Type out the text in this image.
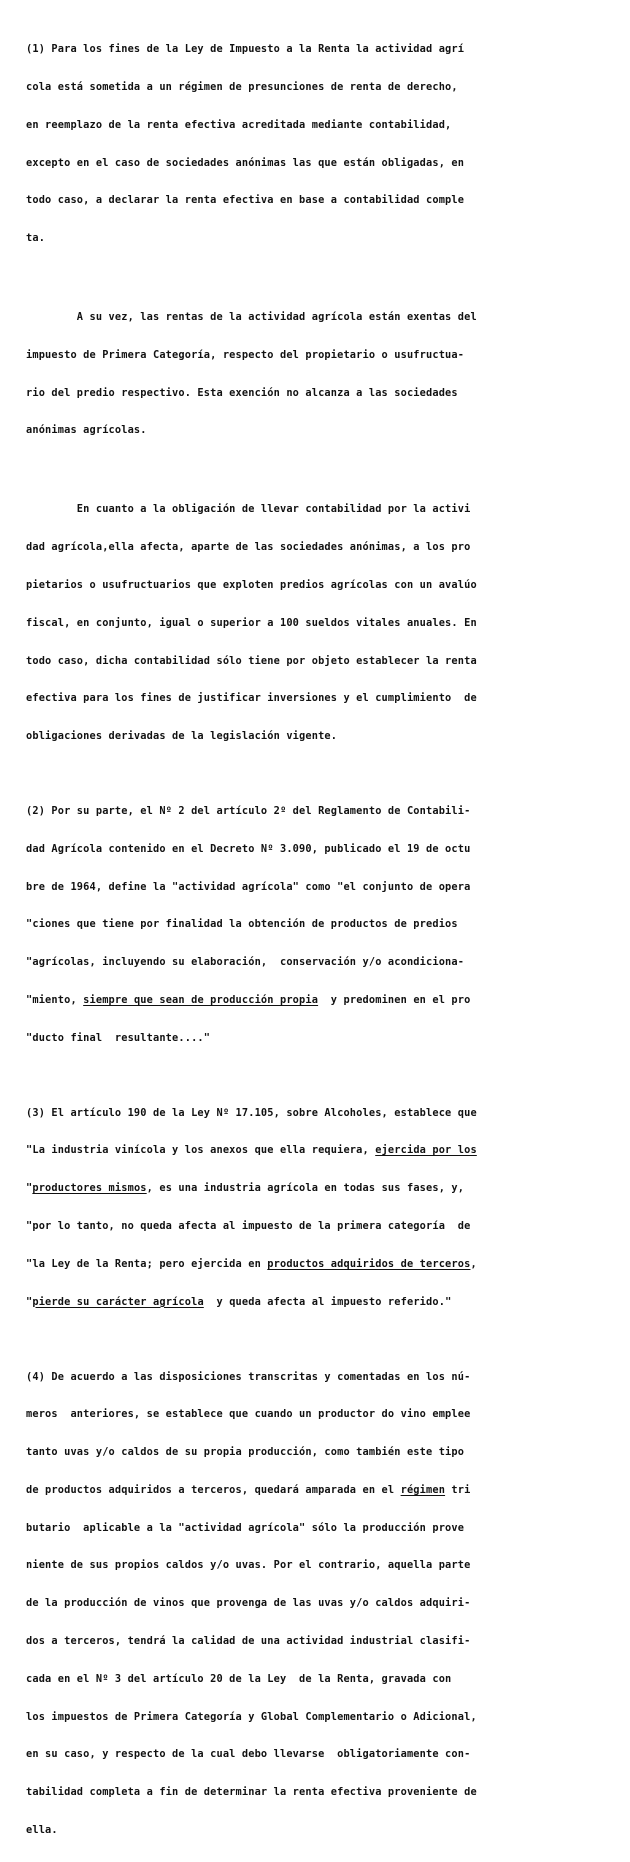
(1) Para los fines de la Ley de Impuesto a la Renta la actividad agrí

cola está sometida a un régimen de presunciones de renta de derecho,

en reemplazo de la renta efectiva acreditada mediante contabilidad,

excepto en el caso de sociedades anónimas las que están obligadas, en

todo caso, a declarar la renta efectiva en base a contabilidad comple

ta.

A su vez, las rentas de la actividad agrícola están exentas del

impuesto de Primera Categoría, respecto del propietario o usufructua-

rio del predio respectivo. Esta exención no alcanza a las sociedades

anónimas agrícolas.

En cuanto a la obligación de llevar contabilidad por la activi

dad agrícola,ella afecta, aparte de las sociedades anónimas, a los pro

pietarios o usufructuarios que exploten predios agrícolas con un avalúo

fiscal, en conjunto, igual o superior a 100 sueldos vitales anuales. En

todo caso, dicha contabilidad sólo tiene por objeto establecer la renta

efectiva para los fines de justificar inversiones y el cumplimiento  de

obligaciones derivadas de la legislación vigente.

(2) Por su parte, el Nº 2 del artículo 2º del Reglamento de Contabili-

dad Agrícola contenido en el Decreto Nº 3.090, publicado el 19 de octu

bre de 1964, define la "actividad agrícola" como "el conjunto de opera

"ciones que tiene por finalidad la obtención de productos de predios

"agrícolas, incluyendo su elaboración,  conservación y/o acondiciona-

"miento, siempre que sean de producción propia  y predominen en el pro

"ducto final  resultante...."

(3) El artículo 190 de la Ley Nº 17.105, sobre Alcoholes, establece que

"La industria vinícola y los anexos que ella requiera, ejercida por los

"productores mismos, es una industria agrícola en todas sus fases, y,

"por lo tanto, no queda afecta al impuesto de la primera categoría  de

"la Ley de la Renta; pero ejercida en productos adquiridos de terceros,

"pierde su carácter agrícola  y queda afecta al impuesto referido."

(4) De acuerdo a las disposiciones transcritas y comentadas en los nú-

meros  anteriores, se establece que cuando un productor do vino emplee

tanto uvas y/o caldos de su propia producción, como también este tipo

de productos adquiridos a terceros, quedará amparada en el régimen tri

butario  aplicable a la "actividad agrícola" sólo la producción prove

niente de sus propios caldos y/o uvas. Por el contrario, aquella parte

de la producción de vinos que provenga de las uvas y/o caldos adquiri-

dos a terceros, tendrá la calidad de una actividad industrial clasifi-

cada en el Nº 3 del artículo 20 de la Ley  de la Renta, gravada con

los impuestos de Primera Categoría y Global Complementario o Adicional,

en su caso, y respecto de la cual debo llevarse  obligatoriamente con-

tabilidad completa a fin de determinar la renta efectiva proveniente de

ella.
